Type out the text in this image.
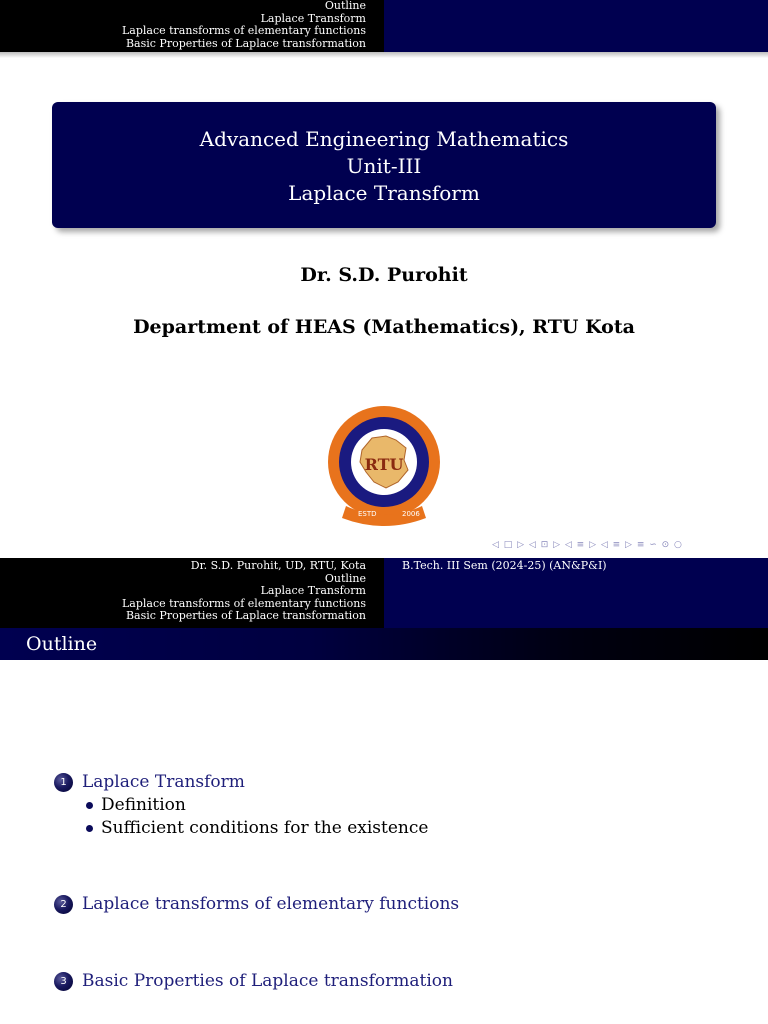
Outline
Laplace Transform
Laplace transforms of elementary functions
Basic Properties of Laplace transformation
Advanced Engineering Mathematics
Unit-III
Laplace Transform
Dr. S.D. Purohit
Department of HEAS (Mathematics), RTU Kota
RTU
ESTD	2006
◁ □ ▷ ◁ ⊡ ▷ ◁ ≡ ▷ ◁ ≡ ▷ ≡ ∽ ⊙ ○
Dr. S.D. Purohit, UD, RTU, Kota
Outline
Laplace Transform
Laplace transforms of elementary functions
Basic Properties of Laplace transformation
B.Tech. III Sem (2024-25) (AN&P&I)
Outline
1 Laplace Transform
Definition
Sufficient conditions for the existence
2 Laplace transforms of elementary functions
3 Basic Properties of Laplace transformation
